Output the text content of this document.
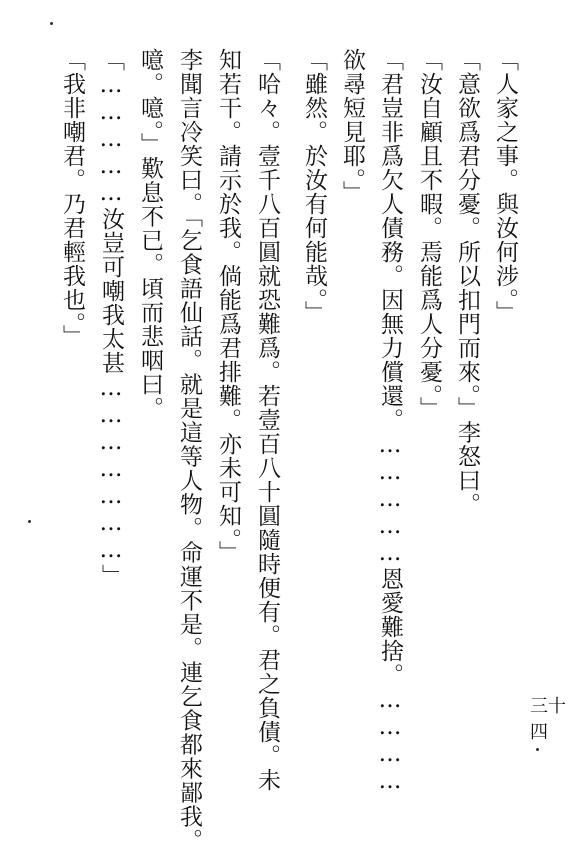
「人家之事。與汝何涉。」
「意欲爲君分憂。所以扣門而來。」李怒曰。
「汝自顧且不暇。焉能爲人分憂。」
「君豈非爲欠人債務。因無力償還。……………恩愛難捨。…………
欲尋短見耶。」
「雖然。於汝有何能哉。」
「哈々。壹千八百圓就恐難爲。若壹百八十圓隨時便有。君之負債。未
知若干。請示於我。倘能爲君排難。亦未可知。」
李聞言冷笑曰。「乞食語仙話。就是這等人物。命運不是。連乞食都來鄙我。
噫。噫。」歎息不已。頃而悲咽曰。
「……………汝豈可嘲我太甚…………………」
「我非嘲君。乃君輕我也。」
三十四
